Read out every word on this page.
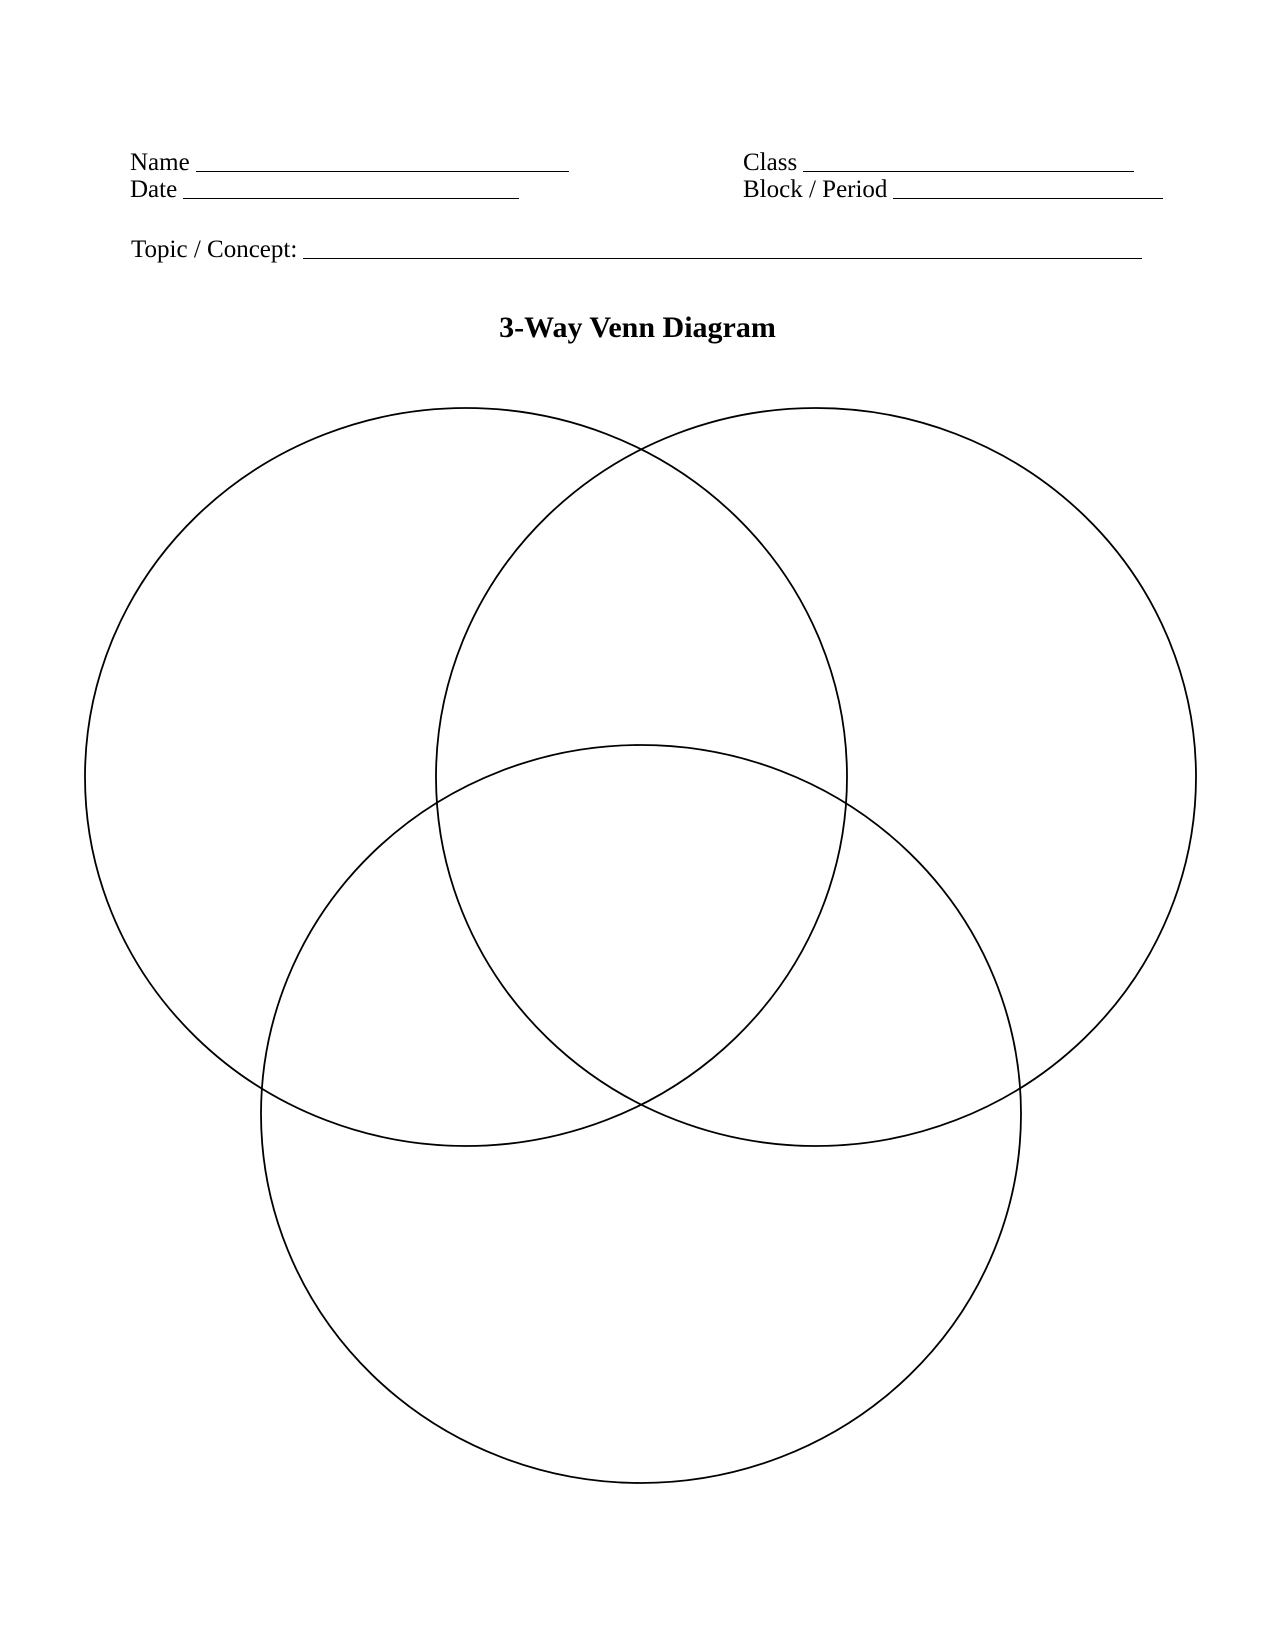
Name
Date
Class
Block / Period
Topic / Concept:
3-Way Venn Diagram
